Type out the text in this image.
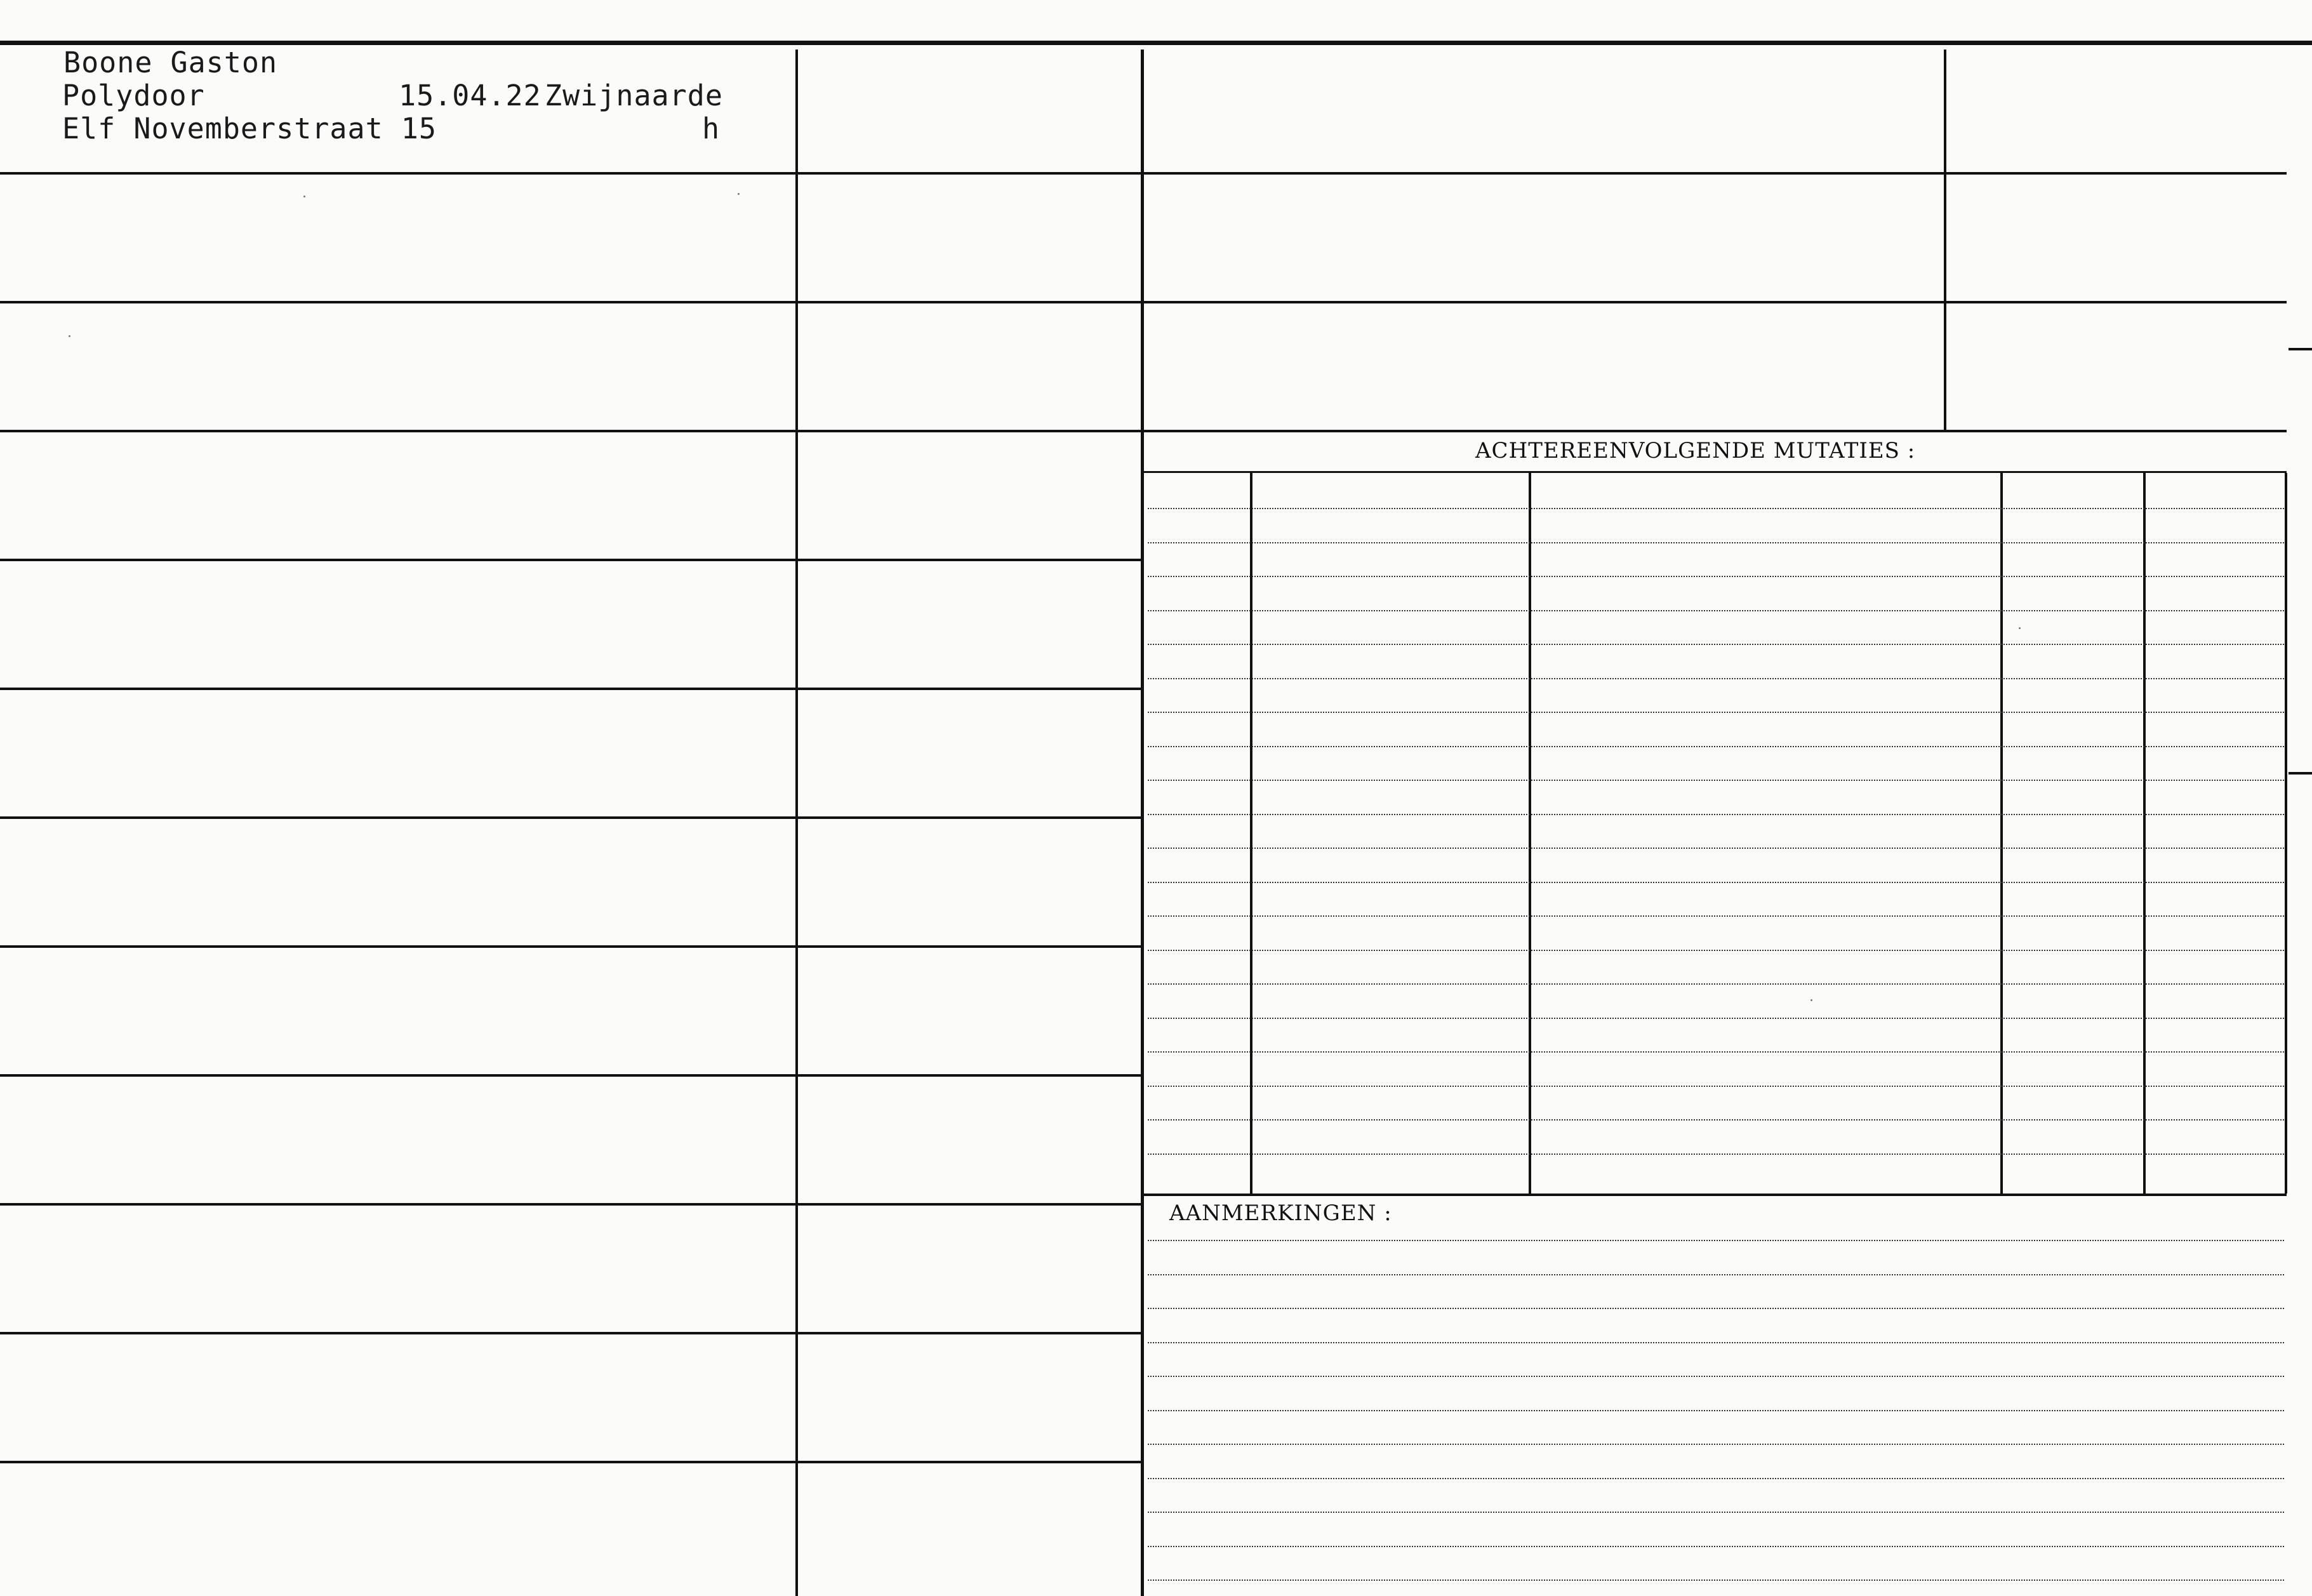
ACHTEREENVOLGENDE MUTATIES :
AANMERKINGEN :
Boone Gaston
Polydoor	15.04.22 Zwijnaarde
Elf Novemberstraat 15	h
